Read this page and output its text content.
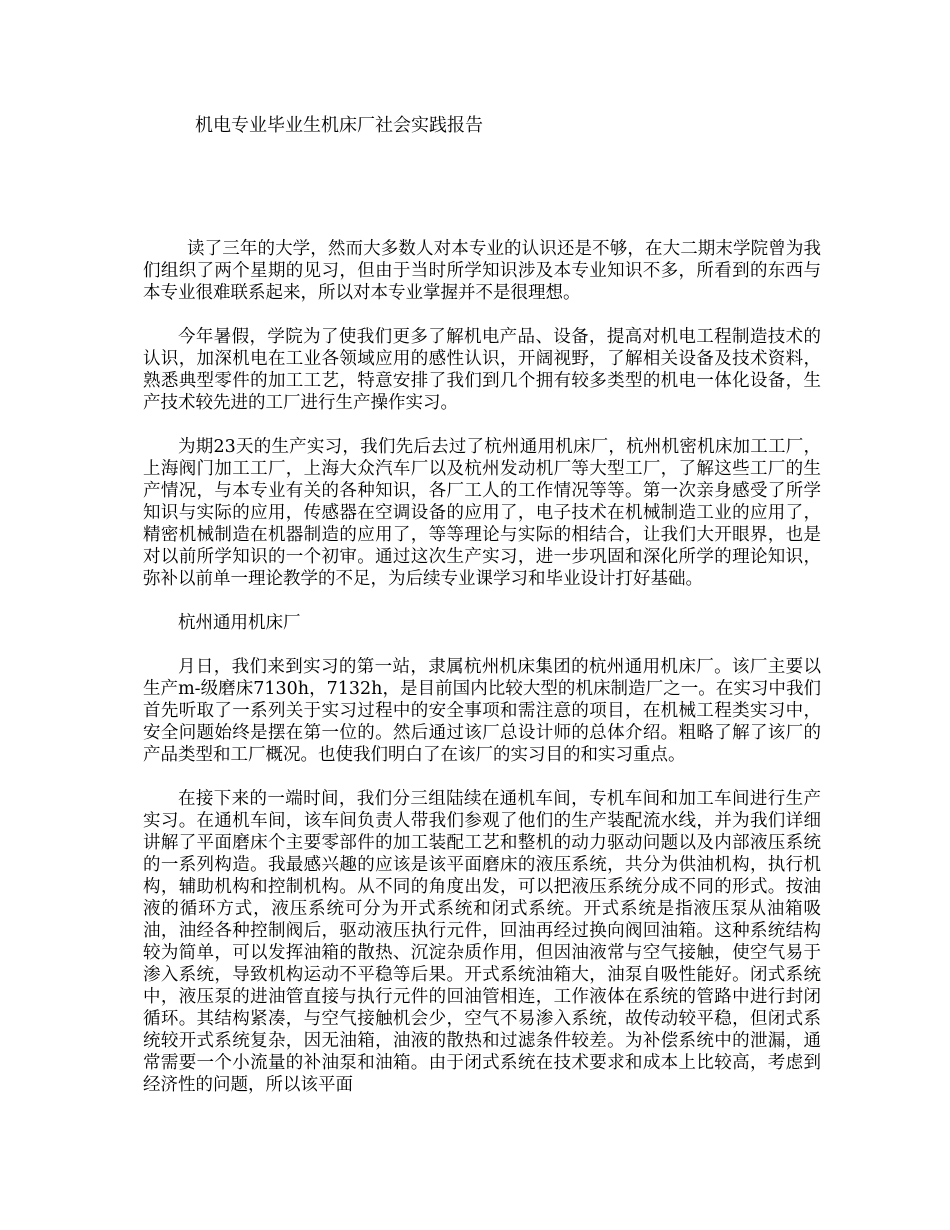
机电专业毕业生机床厂社会实践报告

读了三年的大学，然而大多数人对本专业的认识还是不够，在大二期末学院曾为我们组织了两个星期的见习，但由于当时所学知识涉及本专业知识不多，所看到的东西与本专业很难联系起来，所以对本专业掌握并不是很理想。

今年暑假，学院为了使我们更多了解机电产品、设备，提高对机电工程制造技术的认识，加深机电在工业各领域应用的感性认识，开阔视野，了解相关设备及技术资料，熟悉典型零件的加工工艺，特意安排了我们到几个拥有较多类型的机电一体化设备，生产技术较先进的工厂进行生产操作实习。

为期23天的生产实习，我们先后去过了杭州通用机床厂，杭州机密机床加工工厂，上海阀门加工工厂，上海大众汽车厂以及杭州发动机厂等大型工厂，了解这些工厂的生产情况，与本专业有关的各种知识，各厂工人的工作情况等等。第一次亲身感受了所学知识与实际的应用，传感器在空调设备的应用了，电子技术在机械制造工业的应用了，精密机械制造在机器制造的应用了，等等理论与实际的相结合，让我们大开眼界，也是对以前所学知识的一个初审。通过这次生产实习，进一步巩固和深化所学的理论知识，弥补以前单一理论教学的不足，为后续专业课学习和毕业设计打好基础。

杭州通用机床厂

月日，我们来到实习的第一站，隶属杭州机床集团的杭州通用机床厂。该厂主要以生产m-级磨床7130h，7132h，是目前国内比较大型的机床制造厂之一。在实习中我们首先听取了一系列关于实习过程中的安全事项和需注意的项目，在机械工程类实习中，安全问题始终是摆在第一位的。然后通过该厂总设计师的总体介绍。粗略了解了该厂的产品类型和工厂概况。也使我们明白了在该厂的实习目的和实习重点。

在接下来的一端时间，我们分三组陆续在通机车间，专机车间和加工车间进行生产实习。在通机车间，该车间负责人带我们参观了他们的生产装配流水线，并为我们详细讲解了平面磨床个主要零部件的加工装配工艺和整机的动力驱动问题以及内部液压系统的一系列构造。我最感兴趣的应该是该平面磨床的液压系统，共分为供油机构，执行机构，辅助机构和控制机构。从不同的角度出发，可以把液压系统分成不同的形式。按油液的循环方式，液压系统可分为开式系统和闭式系统。开式系统是指液压泵从油箱吸油，油经各种控制阀后，驱动液压执行元件，回油再经过换向阀回油箱。这种系统结构较为简单，可以发挥油箱的散热、沉淀杂质作用，但因油液常与空气接触，使空气易于渗入系统，导致机构运动不平稳等后果。开式系统油箱大，油泵自吸性能好。闭式系统中，液压泵的进油管直接与执行元件的回油管相连，工作液体在系统的管路中进行封闭循环。其结构紧凑，与空气接触机会少，空气不易渗入系统，故传动较平稳，但闭式系统较开式系统复杂，因无油箱，油液的散热和过滤条件较差。为补偿系统中的泄漏，通常需要一个小流量的补油泵和油箱。由于闭式系统在技术要求和成本上比较高，考虑到经济性的问题，所以该平面
